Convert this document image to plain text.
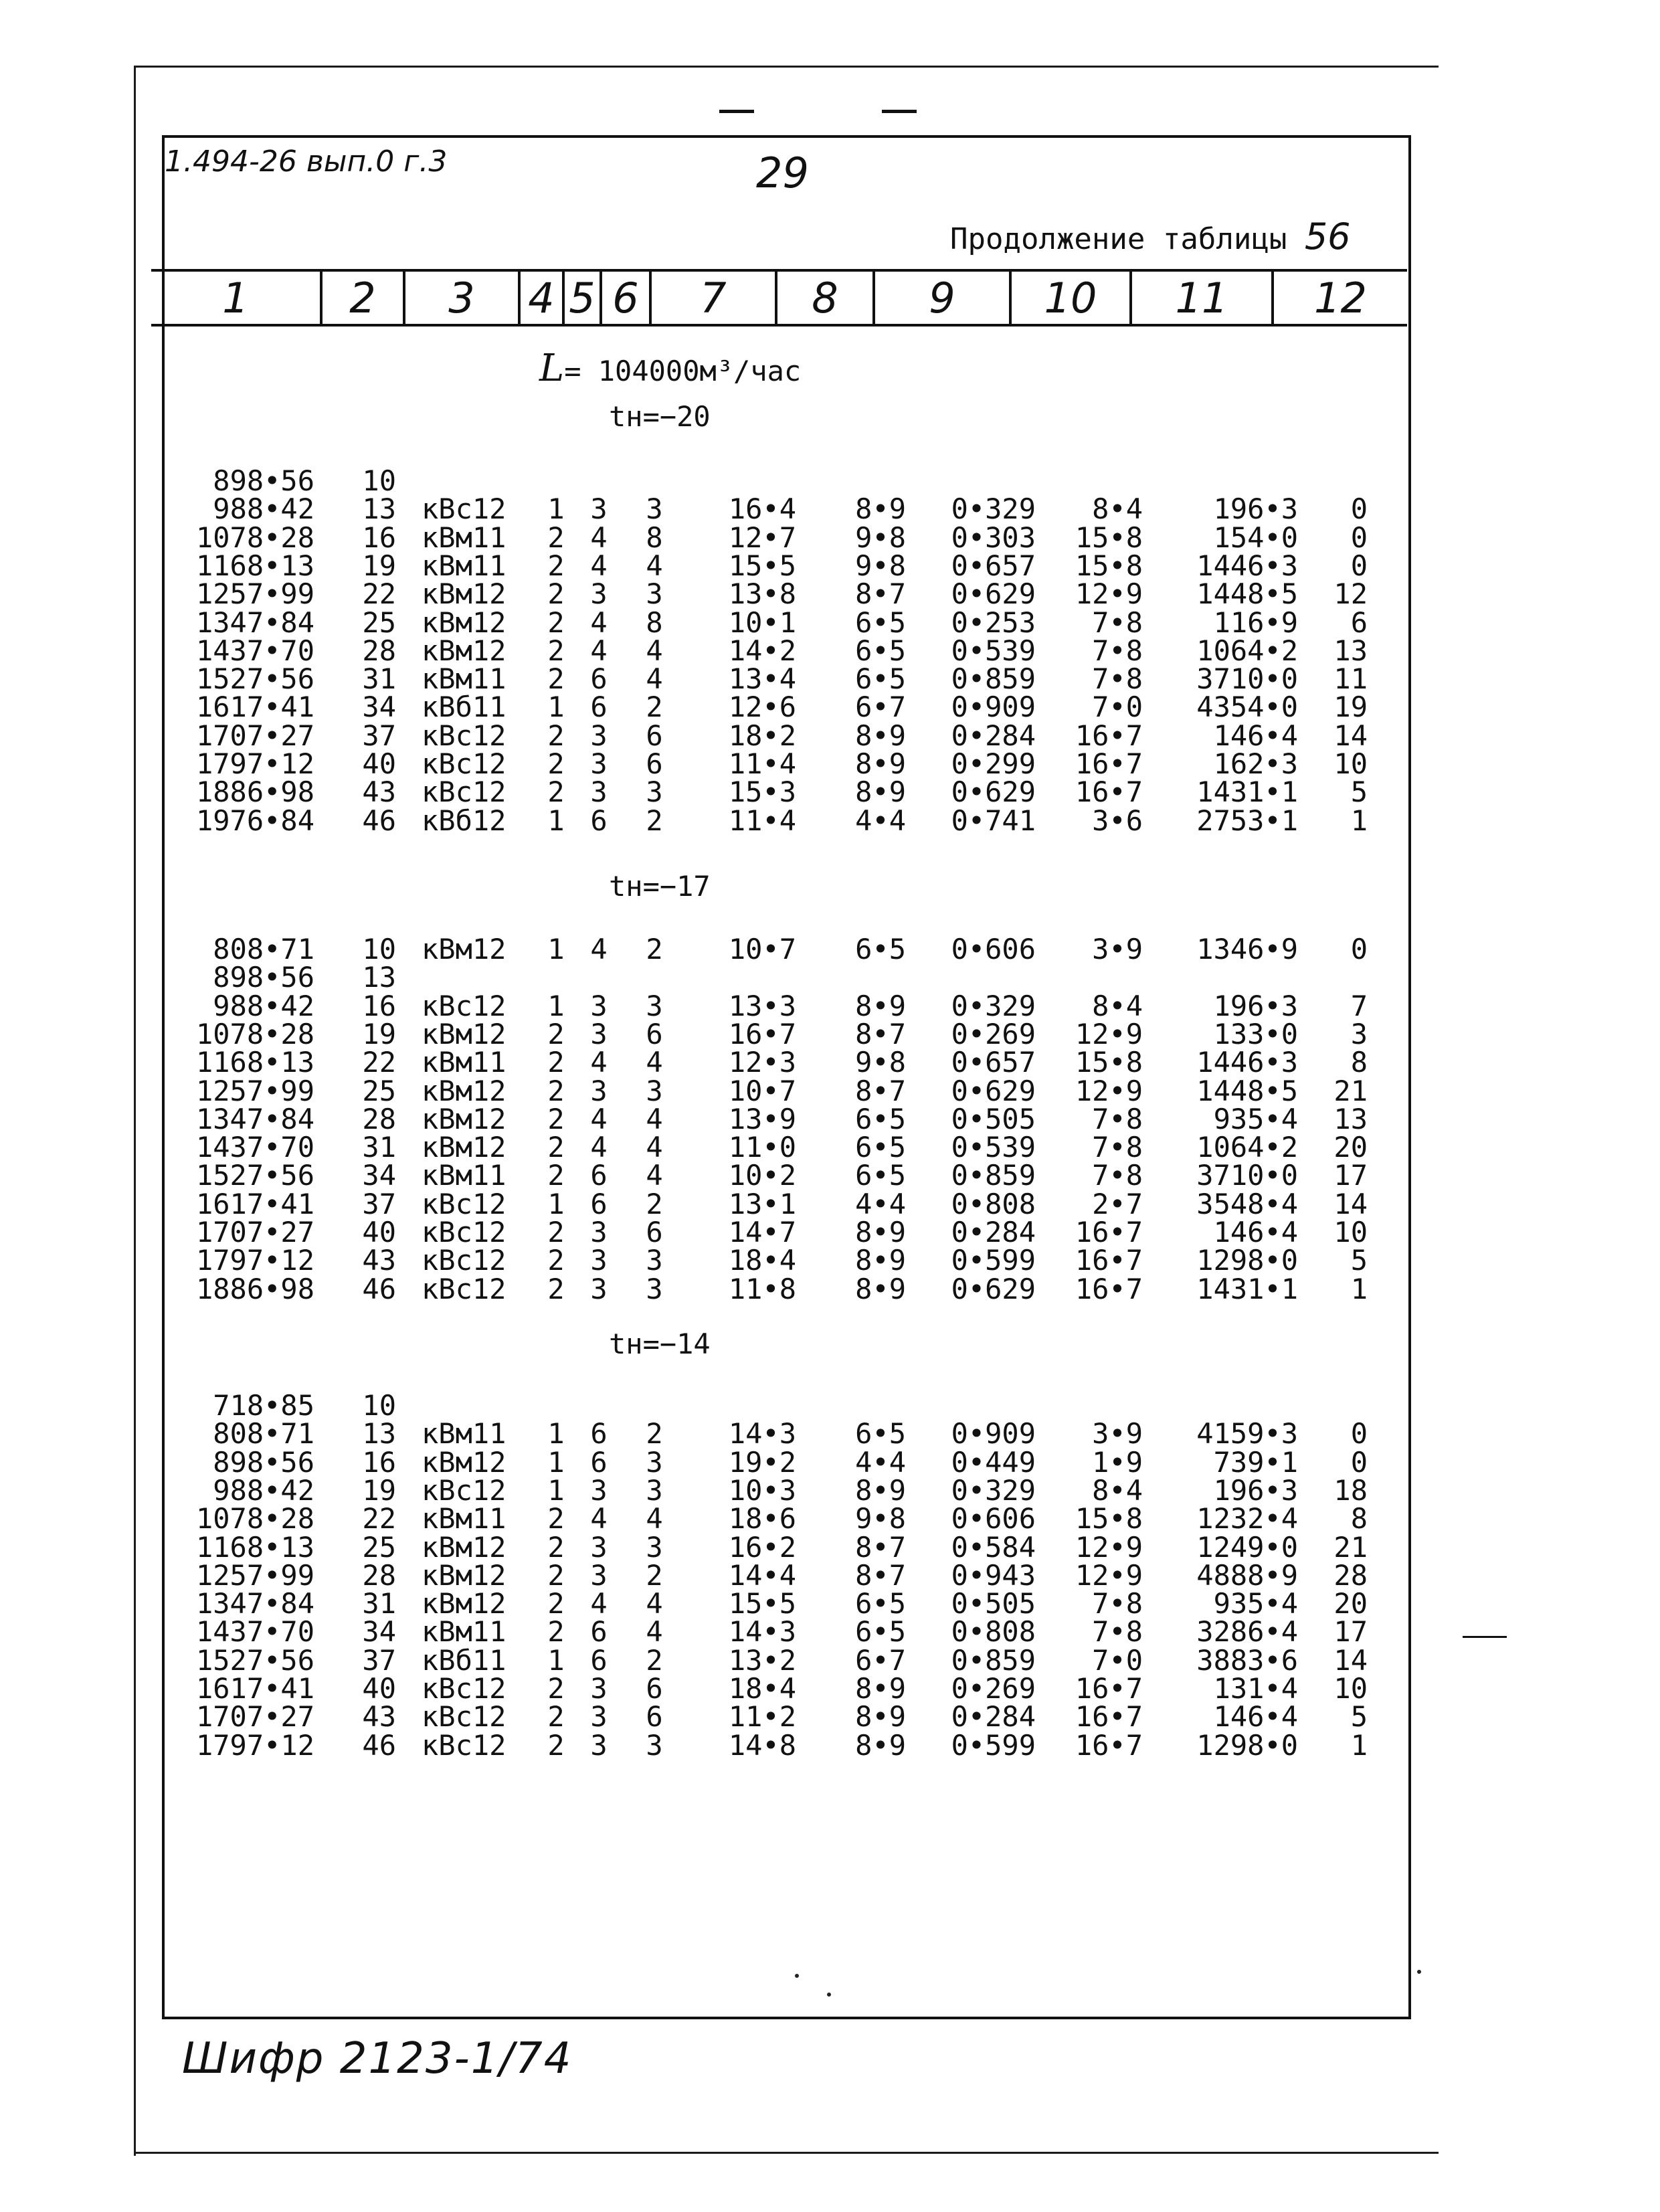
1.494-26 вып.0 г.3	29
Продолжение таблицы 56
1	2	3	4 5 6	7	8	9	10	11	12
L= 104000м³/час
tн=−20
898•56	10
988•42	13 кВс12	1 3	3	16•4	8•9	0•329	8•4	196•3	0
1078•28	16 кВм11	2 4	8	12•7	9•8	0•303	15•8	154•0	0
1168•13	19 кВм11	2 4	4	15•5	9•8	0•657	15•8	1446•3	0
1257•99	22 кВм12	2 3	3	13•8	8•7	0•629	12•9	1448•5	12
1347•84	25 кВм12	2 4	8	10•1	6•5	0•253	7•8	116•9	6
1437•70	28 кВм12	2 4	4	14•2	6•5	0•539	7•8	1064•2	13
1527•56	31 кВм11	2 6	4	13•4	6•5	0•859	7•8	3710•0	11
1617•41	34 кВб11	1 6	2	12•6	6•7	0•909	7•0	4354•0	19
1707•27	37 кВс12	2 3	6	18•2	8•9	0•284	16•7	146•4	14
1797•12	40 кВс12	2 3	6	11•4	8•9	0•299	16•7	162•3	10
1886•98	43 кВс12	2 3	3	15•3	8•9	0•629	16•7	1431•1	5
1976•84	46 кВб12	1 6	2	11•4	4•4	0•741	3•6	2753•1	1
tн=−17
808•71	10 кВм12	1 4	2	10•7	6•5	0•606	3•9	1346•9	0
898•56	13
988•42	16 кВс12	1 3	3	13•3	8•9	0•329	8•4	196•3	7
1078•28	19 кВм12	2 3	6	16•7	8•7	0•269	12•9	133•0	3
1168•13	22 кВм11	2 4	4	12•3	9•8	0•657	15•8	1446•3	8
1257•99	25 кВм12	2 3	3	10•7	8•7	0•629	12•9	1448•5	21
1347•84	28 кВм12	2 4	4	13•9	6•5	0•505	7•8	935•4	13
1437•70	31 кВм12	2 4	4	11•0	6•5	0•539	7•8	1064•2	20
1527•56	34 кВм11	2 6	4	10•2	6•5	0•859	7•8	3710•0	17
1617•41	37 кВс12	1 6	2	13•1	4•4	0•808	2•7	3548•4	14
1707•27	40 кВс12	2 3	6	14•7	8•9	0•284	16•7	146•4	10
1797•12	43 кВс12	2 3	3	18•4	8•9	0•599	16•7	1298•0	5
1886•98	46 кВс12	2 3	3	11•8	8•9	0•629	16•7	1431•1	1
tн=−14
718•85	10
808•71	13 кВм11	1 6	2	14•3	6•5	0•909	3•9	4159•3	0
898•56	16 кВм12	1 6	3	19•2	4•4	0•449	1•9	739•1	0
988•42	19 кВс12	1 3	3	10•3	8•9	0•329	8•4	196•3	18
1078•28	22 кВм11	2 4	4	18•6	9•8	0•606	15•8	1232•4	8
1168•13	25 кВм12	2 3	3	16•2	8•7	0•584	12•9	1249•0	21
1257•99	28 кВм12	2 3	2	14•4	8•7	0•943	12•9	4888•9	28
1347•84	31 кВм12	2 4	4	15•5	6•5	0•505	7•8	935•4	20
1437•70	34 кВм11	2 6	4	14•3	6•5	0•808	7•8	3286•4	17
1527•56	37 кВб11	1 6	2	13•2	6•7	0•859	7•0	3883•6	14
1617•41	40 кВс12	2 3	6	18•4	8•9	0•269	16•7	131•4	10
1707•27	43 кВс12	2 3	6	11•2	8•9	0•284	16•7	146•4	5
1797•12	46 кВс12	2 3	3	14•8	8•9	0•599	16•7	1298•0	1
Шифр 2123-1/74
